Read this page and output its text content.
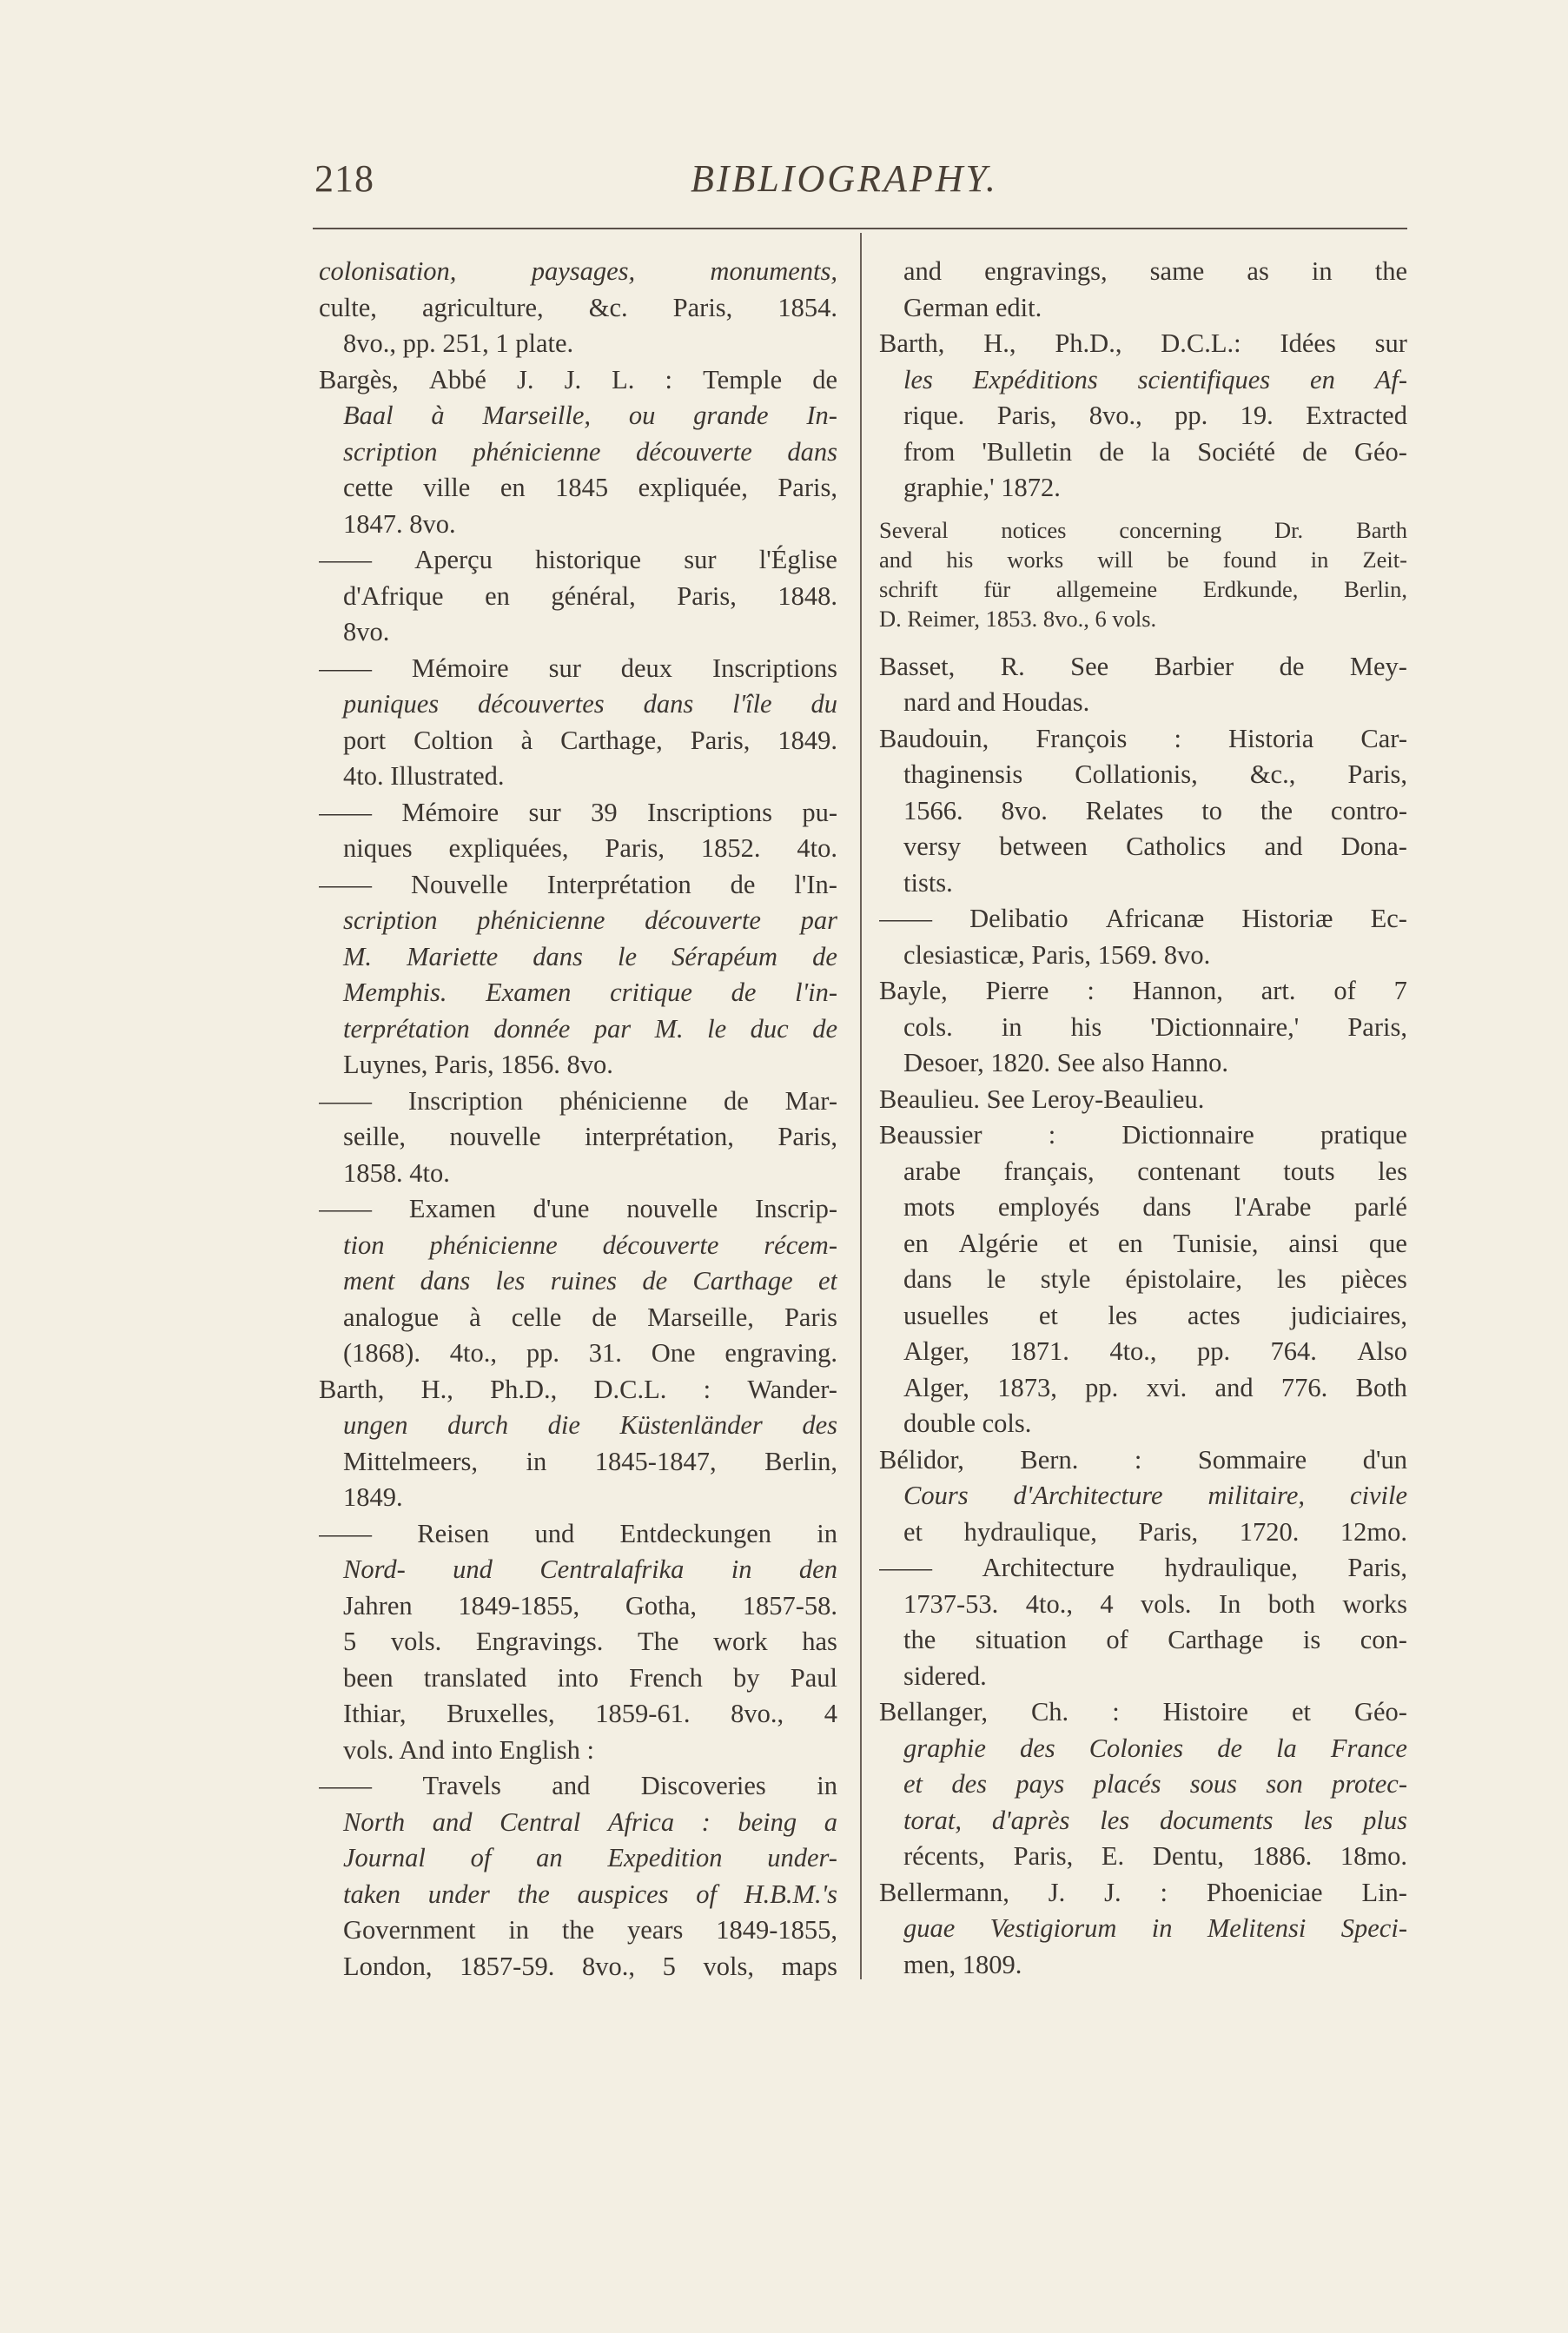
218	BIBLIOGRAPHY.
colonisation,	paysages,	monuments,
culte, agriculture, &c. Paris, 1854.
8vo., pp. 251, 1 plate.
Bargès, Abbé J. J. L. : Temple de
Baal à Marseille, ou grande In-
scription phénicienne découverte dans
cette ville en 1845 expliquée, Paris,
1847. 8vo.
—— Aperçu historique sur l'Église
d'Afrique en général, Paris, 1848.
8vo.
—— Mémoire sur deux Inscriptions
puniques découvertes dans l'île du
port Coltion à Carthage, Paris, 1849.
4to. Illustrated.
—— Mémoire sur 39 Inscriptions pu-
niques expliquées, Paris, 1852. 4to.
—— Nouvelle Interprétation de l'In-
scription phénicienne découverte par
M. Mariette dans le Sérapéum de
Memphis. Examen critique de l'in-
terprétation donnée par M. le duc de
Luynes, Paris, 1856. 8vo.
—— Inscription phénicienne de Mar-
seille, nouvelle interprétation, Paris,
1858. 4to.
—— Examen d'une nouvelle Inscrip-
tion phénicienne découverte récem-
ment dans les ruines de Carthage et
analogue à celle de Marseille, Paris
(1868). 4to., pp. 31. One engraving.
Barth, H., Ph.D., D.C.L. : Wander-
ungen durch die Küstenländer des
Mittelmeers, in 1845-1847, Berlin,
1849.
—— Reisen und Entdeckungen in
Nord- und Centralafrika in den
Jahren 1849-1855, Gotha, 1857-58.
5 vols. Engravings. The work has
been translated into French by Paul
Ithiar, Bruxelles, 1859-61. 8vo., 4
vols. And into English :
—— Travels and Discoveries in
North and Central Africa : being a
Journal of an Expedition under-
taken under the auspices of H.B.M.'s
Government in the years 1849-1855,
London, 1857-59. 8vo., 5 vols, maps
and engravings, same as in the
German edit.
Barth, H., Ph.D., D.C.L.: Idées sur
les Expéditions scientifiques en Af-
rique. Paris, 8vo., pp. 19. Extracted
from 'Bulletin de la Société de Géo-
graphie,' 1872.
Several notices concerning Dr. Barth
and his works will be found in Zeit-
schrift für allgemeine Erdkunde, Berlin,
D. Reimer, 1853. 8vo., 6 vols.
Basset, R. See Barbier de Mey-
nard and Houdas.
Baudouin, François : Historia Car-
thaginensis Collationis, &c., Paris,
1566. 8vo. Relates to the contro-
versy between Catholics and Dona-
tists.
—— Delibatio Africanæ Historiæ Ec-
clesiasticæ, Paris, 1569. 8vo.
Bayle, Pierre : Hannon, art. of 7
cols. in his 'Dictionnaire,' Paris,
Desoer, 1820. See also Hanno.
Beaulieu. See Leroy-Beaulieu.
Beaussier : Dictionnaire pratique
arabe français, contenant touts les
mots employés dans l'Arabe parlé
en Algérie et en Tunisie, ainsi que
dans le style épistolaire, les pièces
usuelles et les actes judiciaires,
Alger, 1871. 4to., pp. 764. Also
Alger, 1873, pp. xvi. and 776. Both
double cols.
Bélidor, Bern. : Sommaire d'un
Cours d'Architecture militaire, civile
et hydraulique, Paris, 1720. 12mo.
—— Architecture hydraulique, Paris,
1737-53. 4to., 4 vols. In both works
the situation of Carthage is con-
sidered.
Bellanger, Ch. : Histoire et Géo-
graphie des Colonies de la France
et des pays placés sous son protec-
torat, d'après les documents les plus
récents, Paris, E. Dentu, 1886. 18mo.
Bellermann, J. J. : Phoeniciae Lin-
guae Vestigiorum in Melitensi Speci-
men, 1809.
